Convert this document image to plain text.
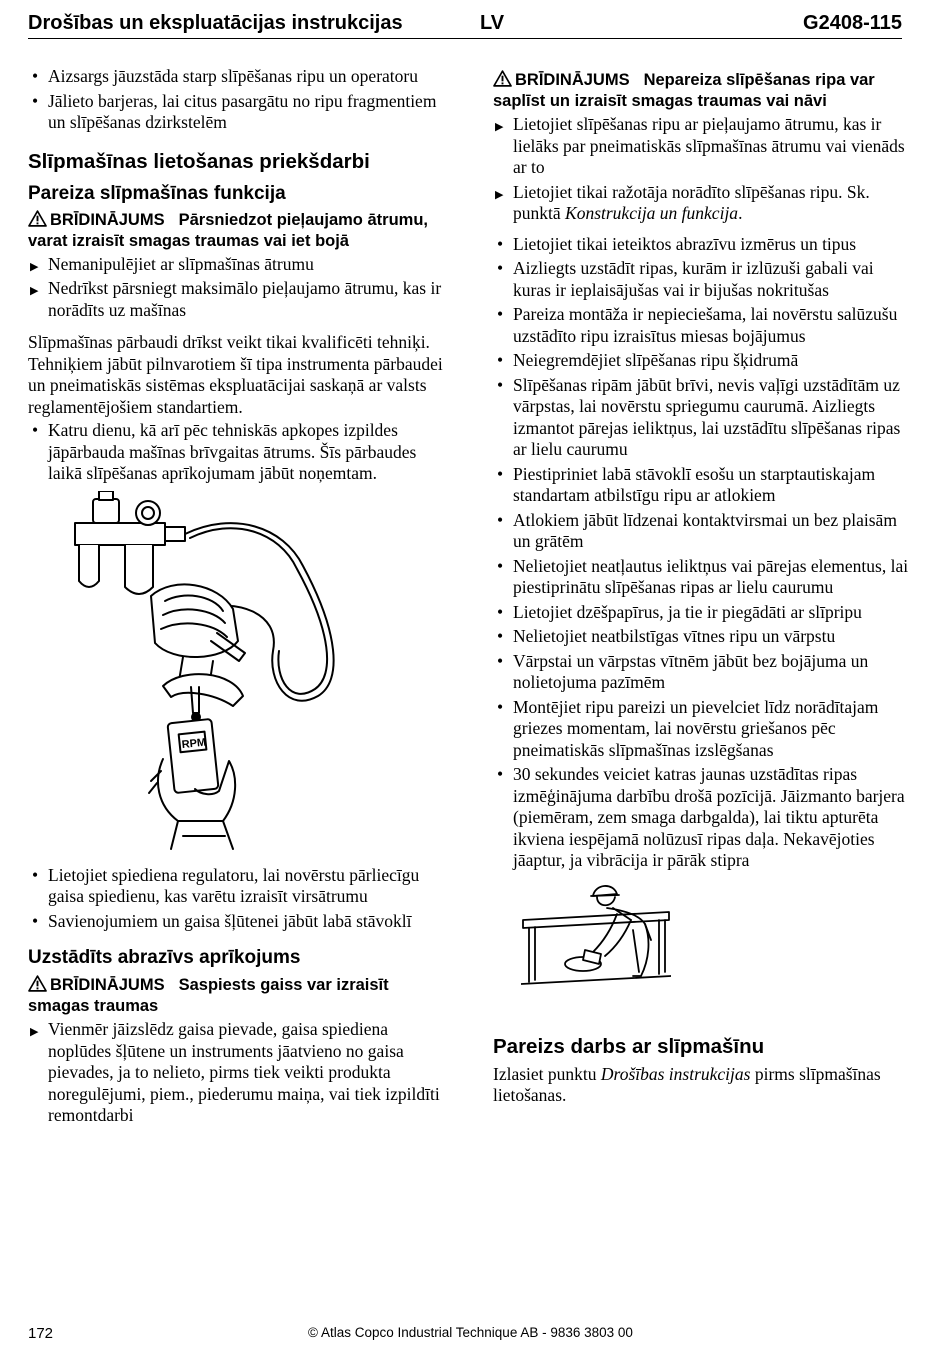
Drošības un ekspluatācijas instrukcijas	LV	G2408-115
• Aizsargs jāuzstāda starp slīpēšanas ripu un operatoru
• Jālieto barjeras, lai citus pasargātu no ripu fragmentiem un slīpēšanas dzirkstelēm
Slīpmašīnas lietošanas priekšdarbi
Pareiza slīpmašīnas funkcija

BRĪDINĀJUMS Pārsniedzot pieļaujamo ātrumu, varat izraisīt smagas traumas vai iet bojā

▶ Nemanipulējiet ar slīpmašīnas ātrumu
▶ Nedrīkst pārsniegt maksimālo pieļaujamo ātrumu, kas ir norādīts uz mašīnas

Slīpmašīnas pārbaudi drīkst veikt tikai kvalificēti tehniķi. Tehniķiem jābūt pilnvarotiem šī tipa instrumenta pārbaudei un pneimatiskās sistēmas ekspluatācijai saskaņā ar valsts reglamentējošiem standartiem.

• Katru dienu, kā arī pēc tehniskās apkopes izpildes jāpārbauda mašīnas brīvgaitas ātrums. Šīs pārbaudes laikā slīpēšanas aprīkojumam jābūt noņemtam.
RPM
• Lietojiet spiediena regulatoru, lai novērstu pārliecīgu gaisa spiedienu, kas varētu izraisīt virsātrumu
• Savienojumiem un gaisa šļūtenei jābūt labā stāvoklī
Uzstādīts abrazīvs aprīkojums

BRĪDINĀJUMS Saspiests gaiss var izraisīt smagas traumas

▶ Vienmēr jāizslēdz gaisa pievade, gaisa spiediena noplūdes šļūtene un instruments jāatvieno no gaisa pievades, ja to nelieto, pirms tiek veikti produkta noregulējumi, piem., piederumu maiņa, vai tiek izpildīti remontdarbi

BRĪDINĀJUMS Nepareiza slīpēšanas ripa var saplīst un izraisīt smagas traumas vai nāvi

▶ Lietojiet slīpēšanas ripu ar pieļaujamo ātrumu, kas ir lielāks par pneimatiskās slīpmašīnas ātrumu vai vienāds ar to
▶ Lietojiet tikai ražotāja norādīto slīpēšanas ripu. Sk. punktā Konstrukcija un funkcija.
• Lietojiet tikai ieteiktos abrazīvu izmērus un tipus
• Aizliegts uzstādīt ripas, kurām ir izlūzuši gabali vai kuras ir ieplaisājušas vai ir bijušas nokritušas
• Pareiza montāža ir nepieciešama, lai novērstu salūzušu uzstādīto ripu izraisītus miesas bojājumus
• Neiegremdējiet slīpēšanas ripu šķidrumā
• Slīpēšanas ripām jābūt brīvi, nevis vaļīgi uzstādītām uz vārpstas, lai novērstu spriegumu caurumā. Aizliegts izmantot pārejas ieliktņus, lai uzstādītu slīpēšanas ripas ar lielu caurumu
• Piestipriniet labā stāvoklī esošu un starptautiskajam standartam atbilstīgu ripu ar atlokiem
• Atlokiem jābūt līdzenai kontaktvirsmai un bez plaisām un grātēm
• Nelietojiet neatļautus ieliktņus vai pārejas elementus, lai piestiprinātu slīpēšanas ripas ar lielu caurumu
• Lietojiet dzēšpapīrus, ja tie ir piegādāti ar slīpripu
• Nelietojiet neatbilstīgas vītnes ripu un vārpstu
• Vārpstai un vārpstas vītnēm jābūt bez bojājuma un nolietojuma pazīmēm
• Montējiet ripu pareizi un pievelciet līdz norādītajam griezes momentam, lai novērstu griešanos pēc pneimatiskās slīpmašīnas izslēgšanas
• 30 sekundes veiciet katras jaunas uzstādītas ripas izmēģinājuma darbību drošā pozīcijā. Jāizmanto barjera (piemēram, zem smaga darbgalda), lai tiktu apturēta ikviena iespējamā nolūzusī ripas daļa. Nekavējoties jāaptur, ja vibrācija ir pārāk stipra
Pareizs darbs ar slīpmašīnu

Izlasiet punktu Drošības instrukcijas pirms slīpmašīnas lietošanas.

172	© Atlas Copco Industrial Technique AB - 9836 3803 00
